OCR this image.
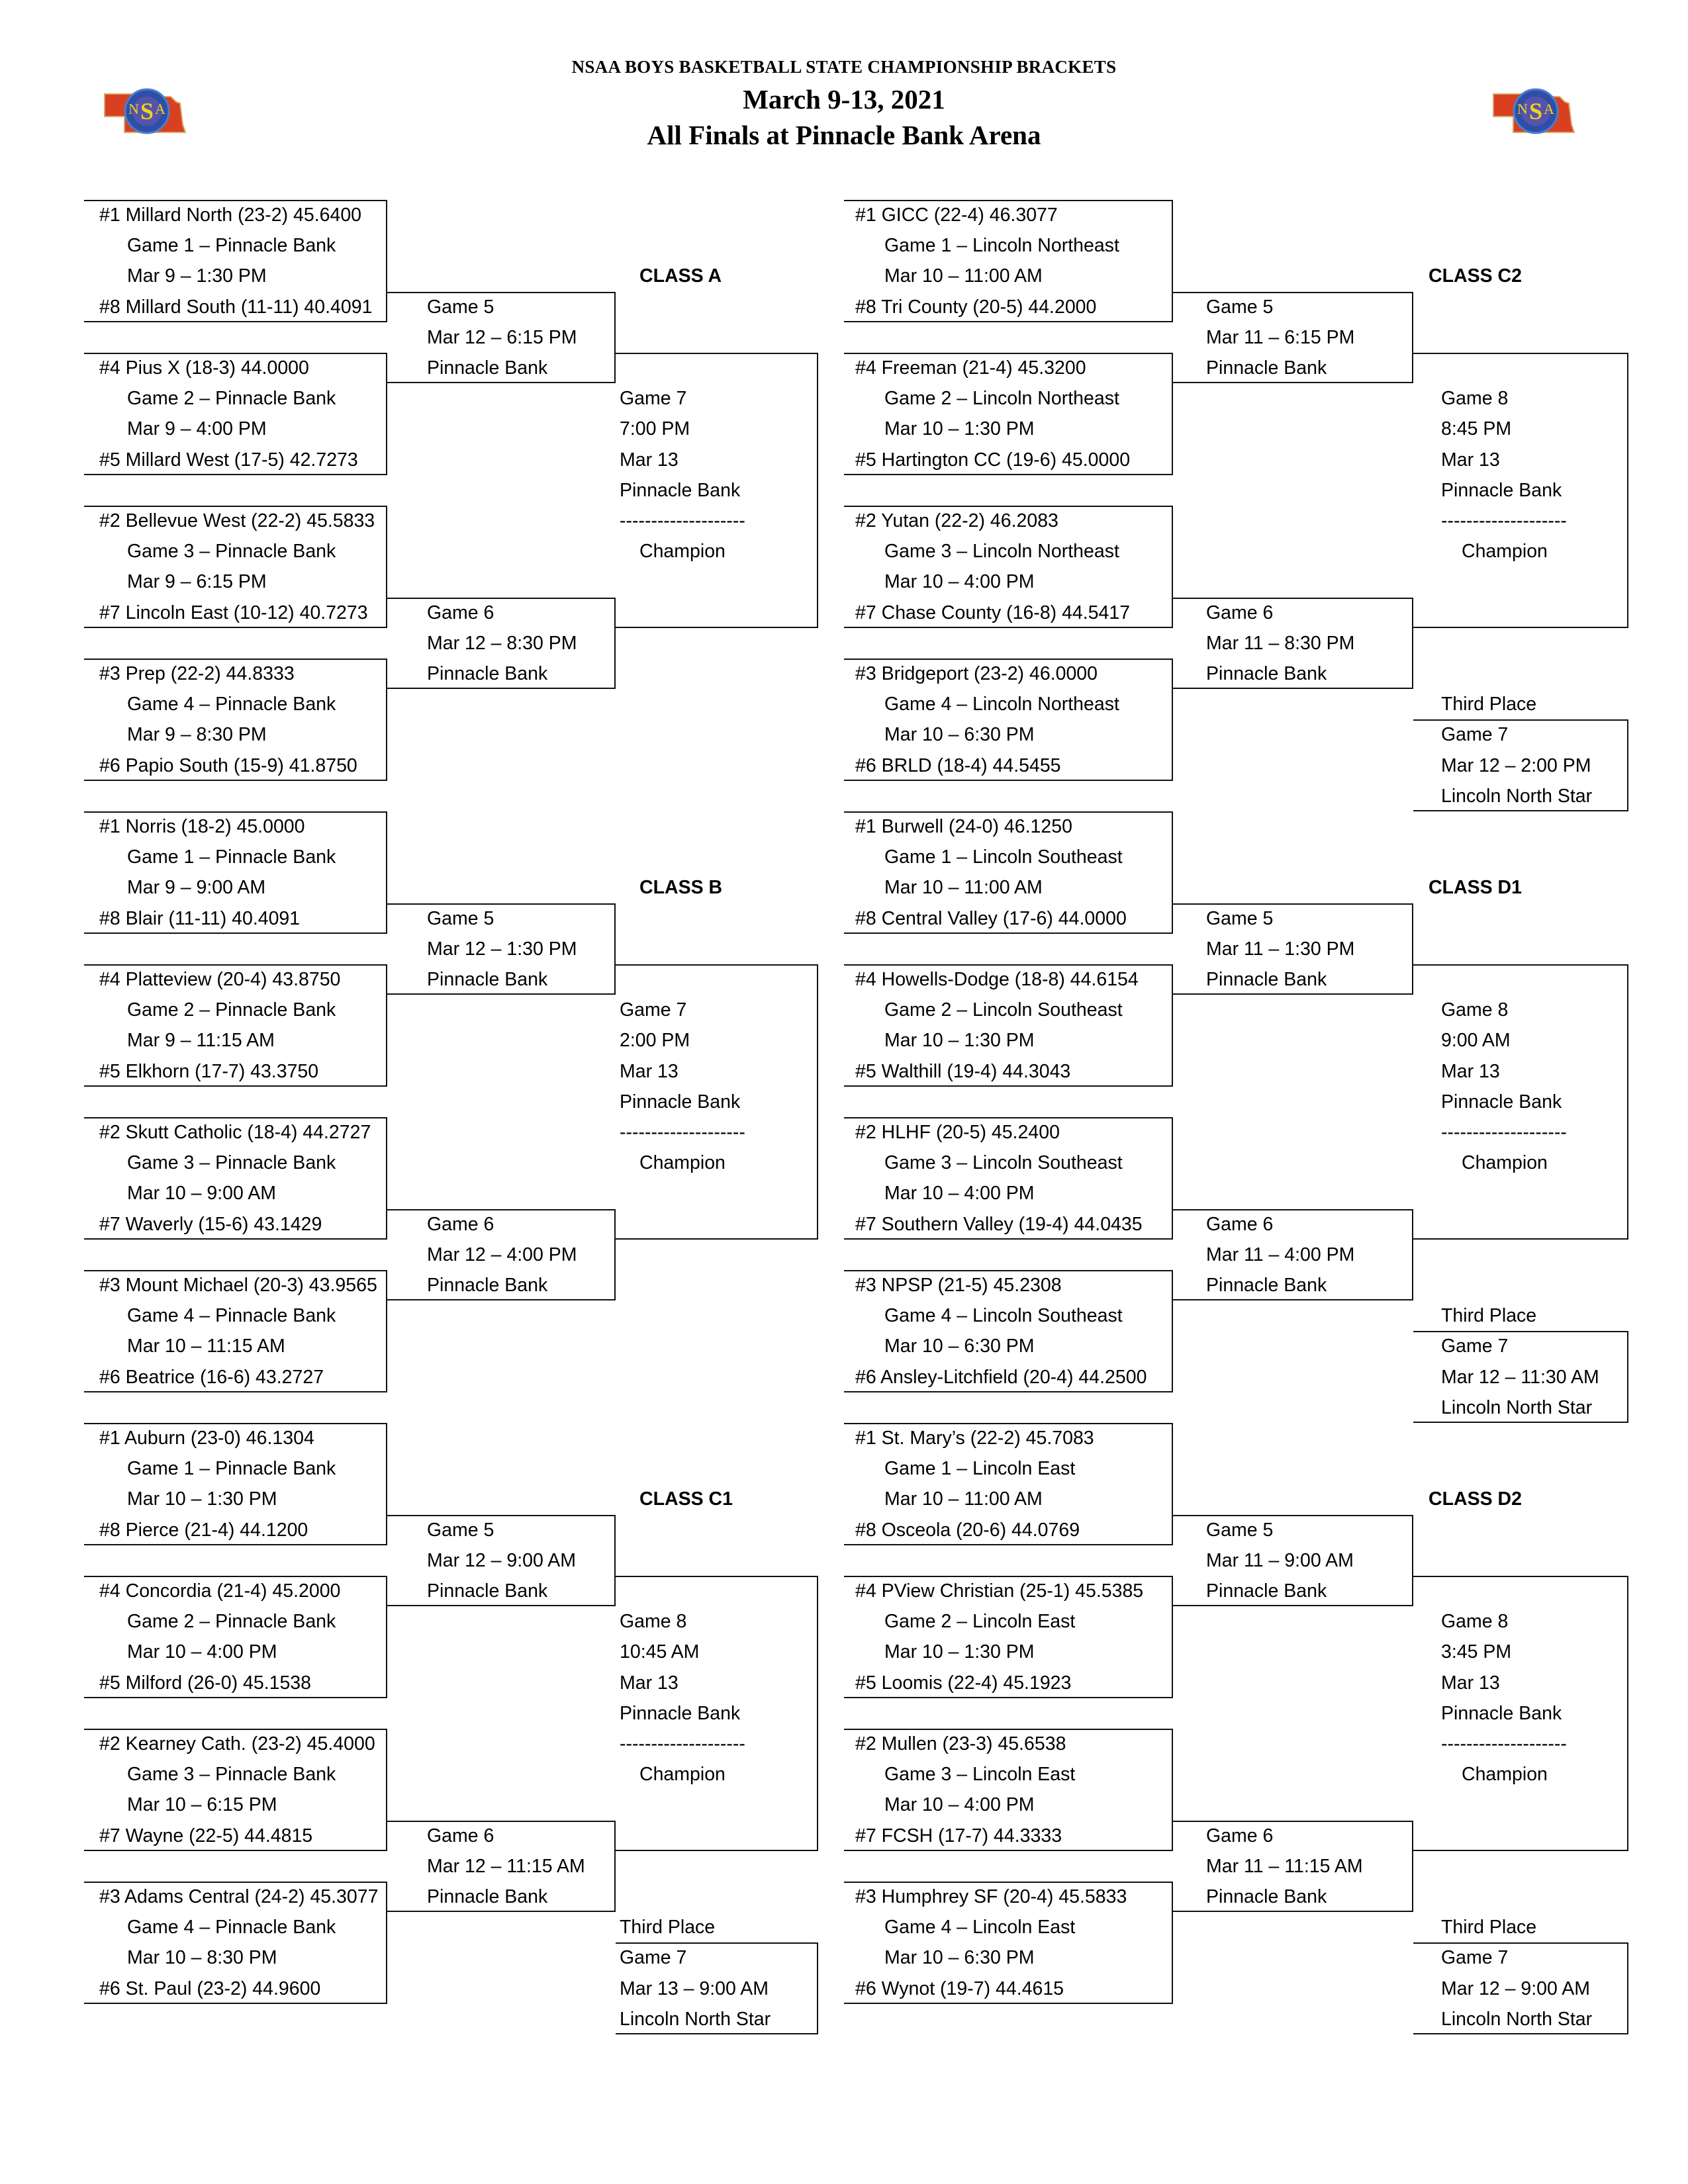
NSAA BOYS BASKETBALL STATE CHAMPIONSHIP BRACKETS
March 9-13, 2021
All Finals at Pinnacle Bank Arena
S
N A	S
N A
CLASS A
#1 Millard North (23-2) 45.6400
Game 1 – Pinnacle Bank
Mar 9 – 1:30 PM
#8 Millard South (11-11) 40.4091
#4 Pius X (18-3) 44.0000
Game 2 – Pinnacle Bank
Mar 9 – 4:00 PM
#5 Millard West (17-5) 42.7273
#2 Bellevue West (22-2) 45.5833
Game 3 – Pinnacle Bank
Mar 9 – 6:15 PM
#7 Lincoln East (10-12) 40.7273
#3 Prep (22-2) 44.8333
Game 4 – Pinnacle Bank
Mar 9 – 8:30 PM
#6 Papio South (15-9) 41.8750
Game 5
Mar 12 – 6:15 PM
Pinnacle Bank
Game 6
Mar 12 – 8:30 PM
Pinnacle Bank
Game 7
7:00 PM
Mar 13
Pinnacle Bank
--------------------
Champion
CLASS C2
#1 GICC (22-4) 46.3077
Game 1 – Lincoln Northeast
Mar 10 – 11:00 AM
#8 Tri County (20-5) 44.2000
#4 Freeman (21-4) 45.3200
Game 2 – Lincoln Northeast
Mar 10 – 1:30 PM
#5 Hartington CC (19-6) 45.0000
#2 Yutan (22-2) 46.2083
Game 3 – Lincoln Northeast
Mar 10 – 4:00 PM
#7 Chase County (16-8) 44.5417
#3 Bridgeport (23-2) 46.0000
Game 4 – Lincoln Northeast
Mar 10 – 6:30 PM
#6 BRLD (18-4) 44.5455
Game 5
Mar 11 – 6:15 PM
Pinnacle Bank
Game 6
Mar 11 – 8:30 PM
Pinnacle Bank
Game 8
8:45 PM
Mar 13
Pinnacle Bank
--------------------
Champion
Third Place
Game 7
Mar 12 – 2:00 PM
Lincoln North Star
CLASS B
#1 Norris (18-2) 45.0000
Game 1 – Pinnacle Bank
Mar 9 – 9:00 AM
#8 Blair (11-11) 40.4091
#4 Platteview (20-4) 43.8750
Game 2 – Pinnacle Bank
Mar 9 – 11:15 AM
#5 Elkhorn (17-7) 43.3750
#2 Skutt Catholic (18-4) 44.2727
Game 3 – Pinnacle Bank
Mar 10 – 9:00 AM
#7 Waverly (15-6) 43.1429
#3 Mount Michael (20-3) 43.9565
Game 4 – Pinnacle Bank
Mar 10 – 11:15 AM
#6 Beatrice (16-6) 43.2727
Game 5
Mar 12 – 1:30 PM
Pinnacle Bank
Game 6
Mar 12 – 4:00 PM
Pinnacle Bank
Game 7
2:00 PM
Mar 13
Pinnacle Bank
--------------------
Champion
CLASS D1
#1 Burwell (24-0) 46.1250
Game 1 – Lincoln Southeast
Mar 10 – 11:00 AM
#8 Central Valley (17-6) 44.0000
#4 Howells-Dodge (18-8) 44.6154
Game 2 – Lincoln Southeast
Mar 10 – 1:30 PM
#5 Walthill (19-4) 44.3043
#2 HLHF (20-5) 45.2400
Game 3 – Lincoln Southeast
Mar 10 – 4:00 PM
#7 Southern Valley (19-4) 44.0435
#3 NPSP (21-5) 45.2308
Game 4 – Lincoln Southeast
Mar 10 – 6:30 PM
#6 Ansley-Litchfield (20-4) 44.2500
Game 5
Mar 11 – 1:30 PM
Pinnacle Bank
Game 6
Mar 11 – 4:00 PM
Pinnacle Bank
Game 8
9:00 AM
Mar 13
Pinnacle Bank
--------------------
Champion
Third Place
Game 7
Mar 12 – 11:30 AM
Lincoln North Star
CLASS C1
#1 Auburn (23-0) 46.1304
Game 1 – Pinnacle Bank
Mar 10 – 1:30 PM
#8 Pierce (21-4) 44.1200
#4 Concordia (21-4) 45.2000
Game 2 – Pinnacle Bank
Mar 10 – 4:00 PM
#5 Milford (26-0) 45.1538
#2 Kearney Cath. (23-2) 45.4000
Game 3 – Pinnacle Bank
Mar 10 – 6:15 PM
#7 Wayne (22-5) 44.4815
#3 Adams Central (24-2) 45.3077
Game 4 – Pinnacle Bank
Mar 10 – 8:30 PM
#6 St. Paul (23-2) 44.9600
Game 5
Mar 12 – 9:00 AM
Pinnacle Bank
Game 6
Mar 12 – 11:15 AM
Pinnacle Bank
Game 8
10:45 AM
Mar 13
Pinnacle Bank
--------------------
Champion
Third Place
Game 7
Mar 13 – 9:00 AM
Lincoln North Star
CLASS D2
#1 St. Mary’s (22-2) 45.7083
Game 1 – Lincoln East
Mar 10 – 11:00 AM
#8 Osceola (20-6) 44.0769
#4 PView Christian (25-1) 45.5385
Game 2 – Lincoln East
Mar 10 – 1:30 PM
#5 Loomis (22-4) 45.1923
#2 Mullen (23-3) 45.6538
Game 3 – Lincoln East
Mar 10 – 4:00 PM
#7 FCSH (17-7) 44.3333
#3 Humphrey SF (20-4) 45.5833
Game 4 – Lincoln East
Mar 10 – 6:30 PM
#6 Wynot (19-7) 44.4615
Game 5
Mar 11 – 9:00 AM
Pinnacle Bank
Game 6
Mar 11 – 11:15 AM
Pinnacle Bank
Game 8
3:45 PM
Mar 13
Pinnacle Bank
--------------------
Champion
Third Place
Game 7
Mar 12 – 9:00 AM
Lincoln North Star
